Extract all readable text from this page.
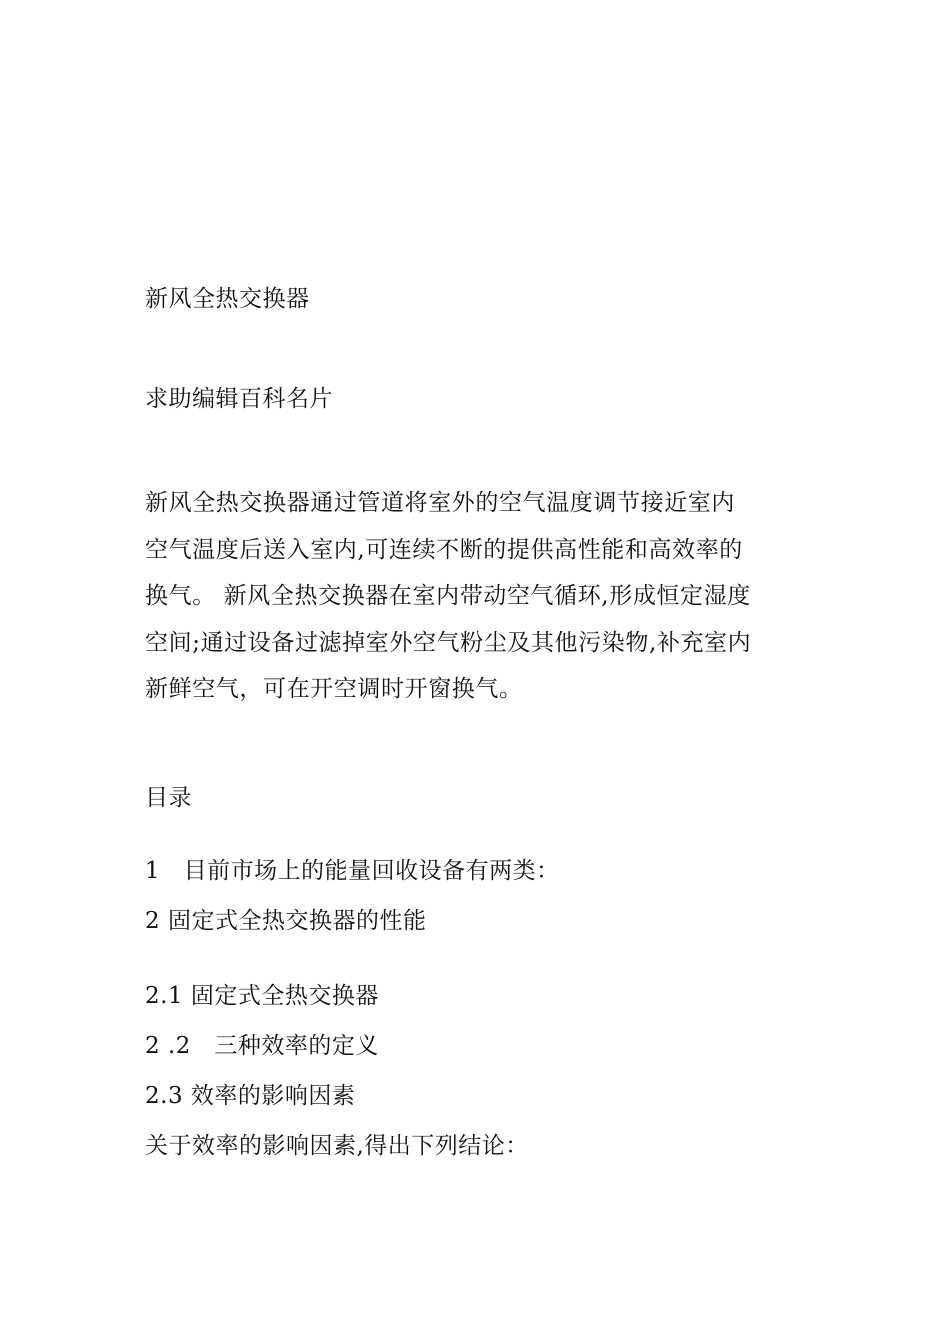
新风全热交换器
求助编辑百科名片
新风全热交换器通过管道将室外的空气温度调节接近室内
空气温度后送入室内,可连续不断的提供高性能和高效率的
换气。 新风全热交换器在室内带动空气循环,形成恒定湿度
空间;通过设备过滤掉室外空气粉尘及其他污染物,补充室内
新鲜空气，可在开空调时开窗换气。
目录
1　目前市场上的能量回收设备有两类：
2 固定式全热交换器的性能
2.1 固定式全热交换器
2 .2　三种效率的定义
2.3 效率的影响因素
关于效率的影响因素,得出下列结论：
